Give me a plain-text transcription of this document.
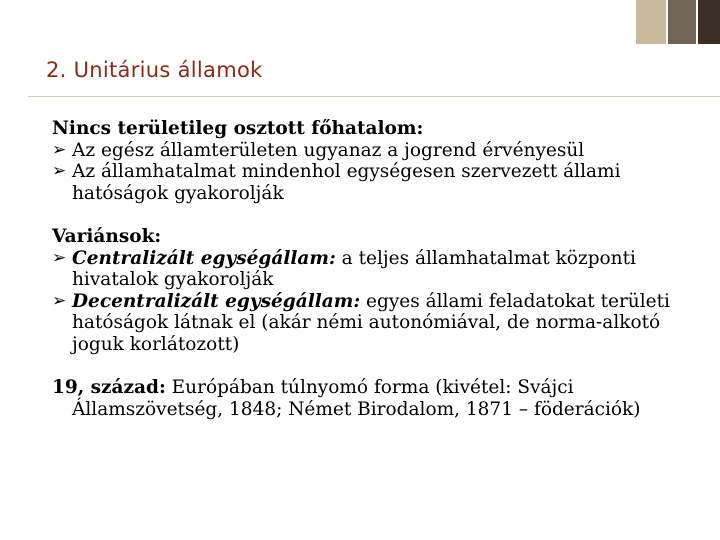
2. Unitárius államok
Nincs területileg osztott főhatalom:
➢ Az egész államterületen ugyanaz a jogrend érvényesül
➢ Az államhatalmat mindenhol egységesen szervezett állami hatóságok gyakorolják
Variánsok:
➢ Centralizált egységállam: a teljes államhatalmat központi hivatalok gyakorolják
➢ Decentralizált egységállam: egyes állami feladatokat területi hatóságok látnak el (akár némi autonómiával, de norma-alkotó joguk korlátozott)
19, század: Európában túlnyomó forma (kivétel: Svájci Államszövetség, 1848; Német Birodalom, 1871 – föderációk)
